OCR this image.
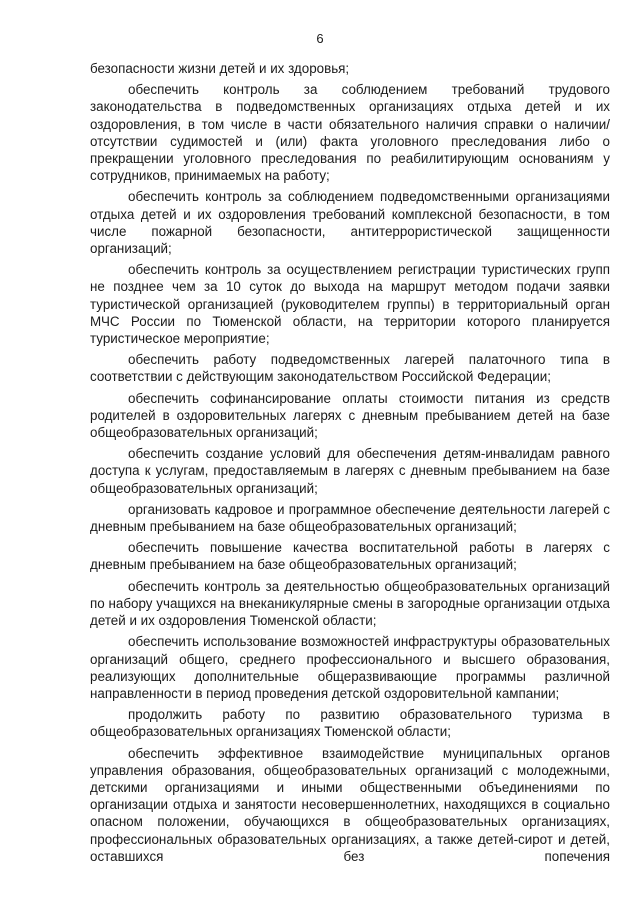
6

безопасности жизни детей и их здоровья;

обеспечить контроль за соблюдением требований трудового законодательства в подведомственных организациях отдыха детей и их оздоровления, в том числе в части обязательного наличия справки о наличии/отсутствии судимостей и (или) факта уголовного преследования либо о прекращении уголовного преследования по реабилитирующим основаниям у сотрудников, принимаемых на работу;

обеспечить контроль за соблюдением подведомственными организациями отдыха детей и их оздоровления требований комплексной безопасности, в том числе пожарной безопасности, антитеррористической защищенности организаций;

обеспечить контроль за осуществлением регистрации туристических групп не позднее чем за 10 суток до выхода на маршрут методом подачи заявки туристической организацией (руководителем группы) в территориальный орган МЧС России по Тюменской области, на территории которого планируется туристическое мероприятие;

обеспечить работу подведомственных лагерей палаточного типа в соответствии с действующим законодательством Российской Федерации;

обеспечить софинансирование оплаты стоимости питания из средств родителей в оздоровительных лагерях с дневным пребыванием детей на базе общеобразовательных организаций;

обеспечить создание условий для обеспечения детям-инвалидам равного доступа к услугам, предоставляемым в лагерях с дневным пребыванием на базе общеобразовательных организаций;

организовать кадровое и программное обеспечение деятельности лагерей с дневным пребыванием на базе общеобразовательных организаций;

обеспечить повышение качества воспитательной работы в лагерях с дневным пребыванием на базе общеобразовательных организаций;

обеспечить контроль за деятельностью общеобразовательных организаций по набору учащихся на внеканикулярные смены в загородные организации отдыха детей и их оздоровления Тюменской области;

обеспечить использование возможностей инфраструктуры образовательных организаций общего, среднего профессионального и высшего образования, реализующих дополнительные общеразвивающие программы различной направленности в период проведения детской оздоровительной кампании;

продолжить работу по развитию образовательного туризма в общеобразовательных организациях Тюменской области;

обеспечить эффективное взаимодействие муниципальных органов управления образования, общеобразовательных организаций с молодежными, детскими организациями и иными общественными объединениями по организации отдыха и занятости несовершеннолетних, находящихся в социально опасном положении, обучающихся в общеобразовательных организациях, профессиональных образовательных организациях, а также детей-сирот и детей, оставшихся без попечения
